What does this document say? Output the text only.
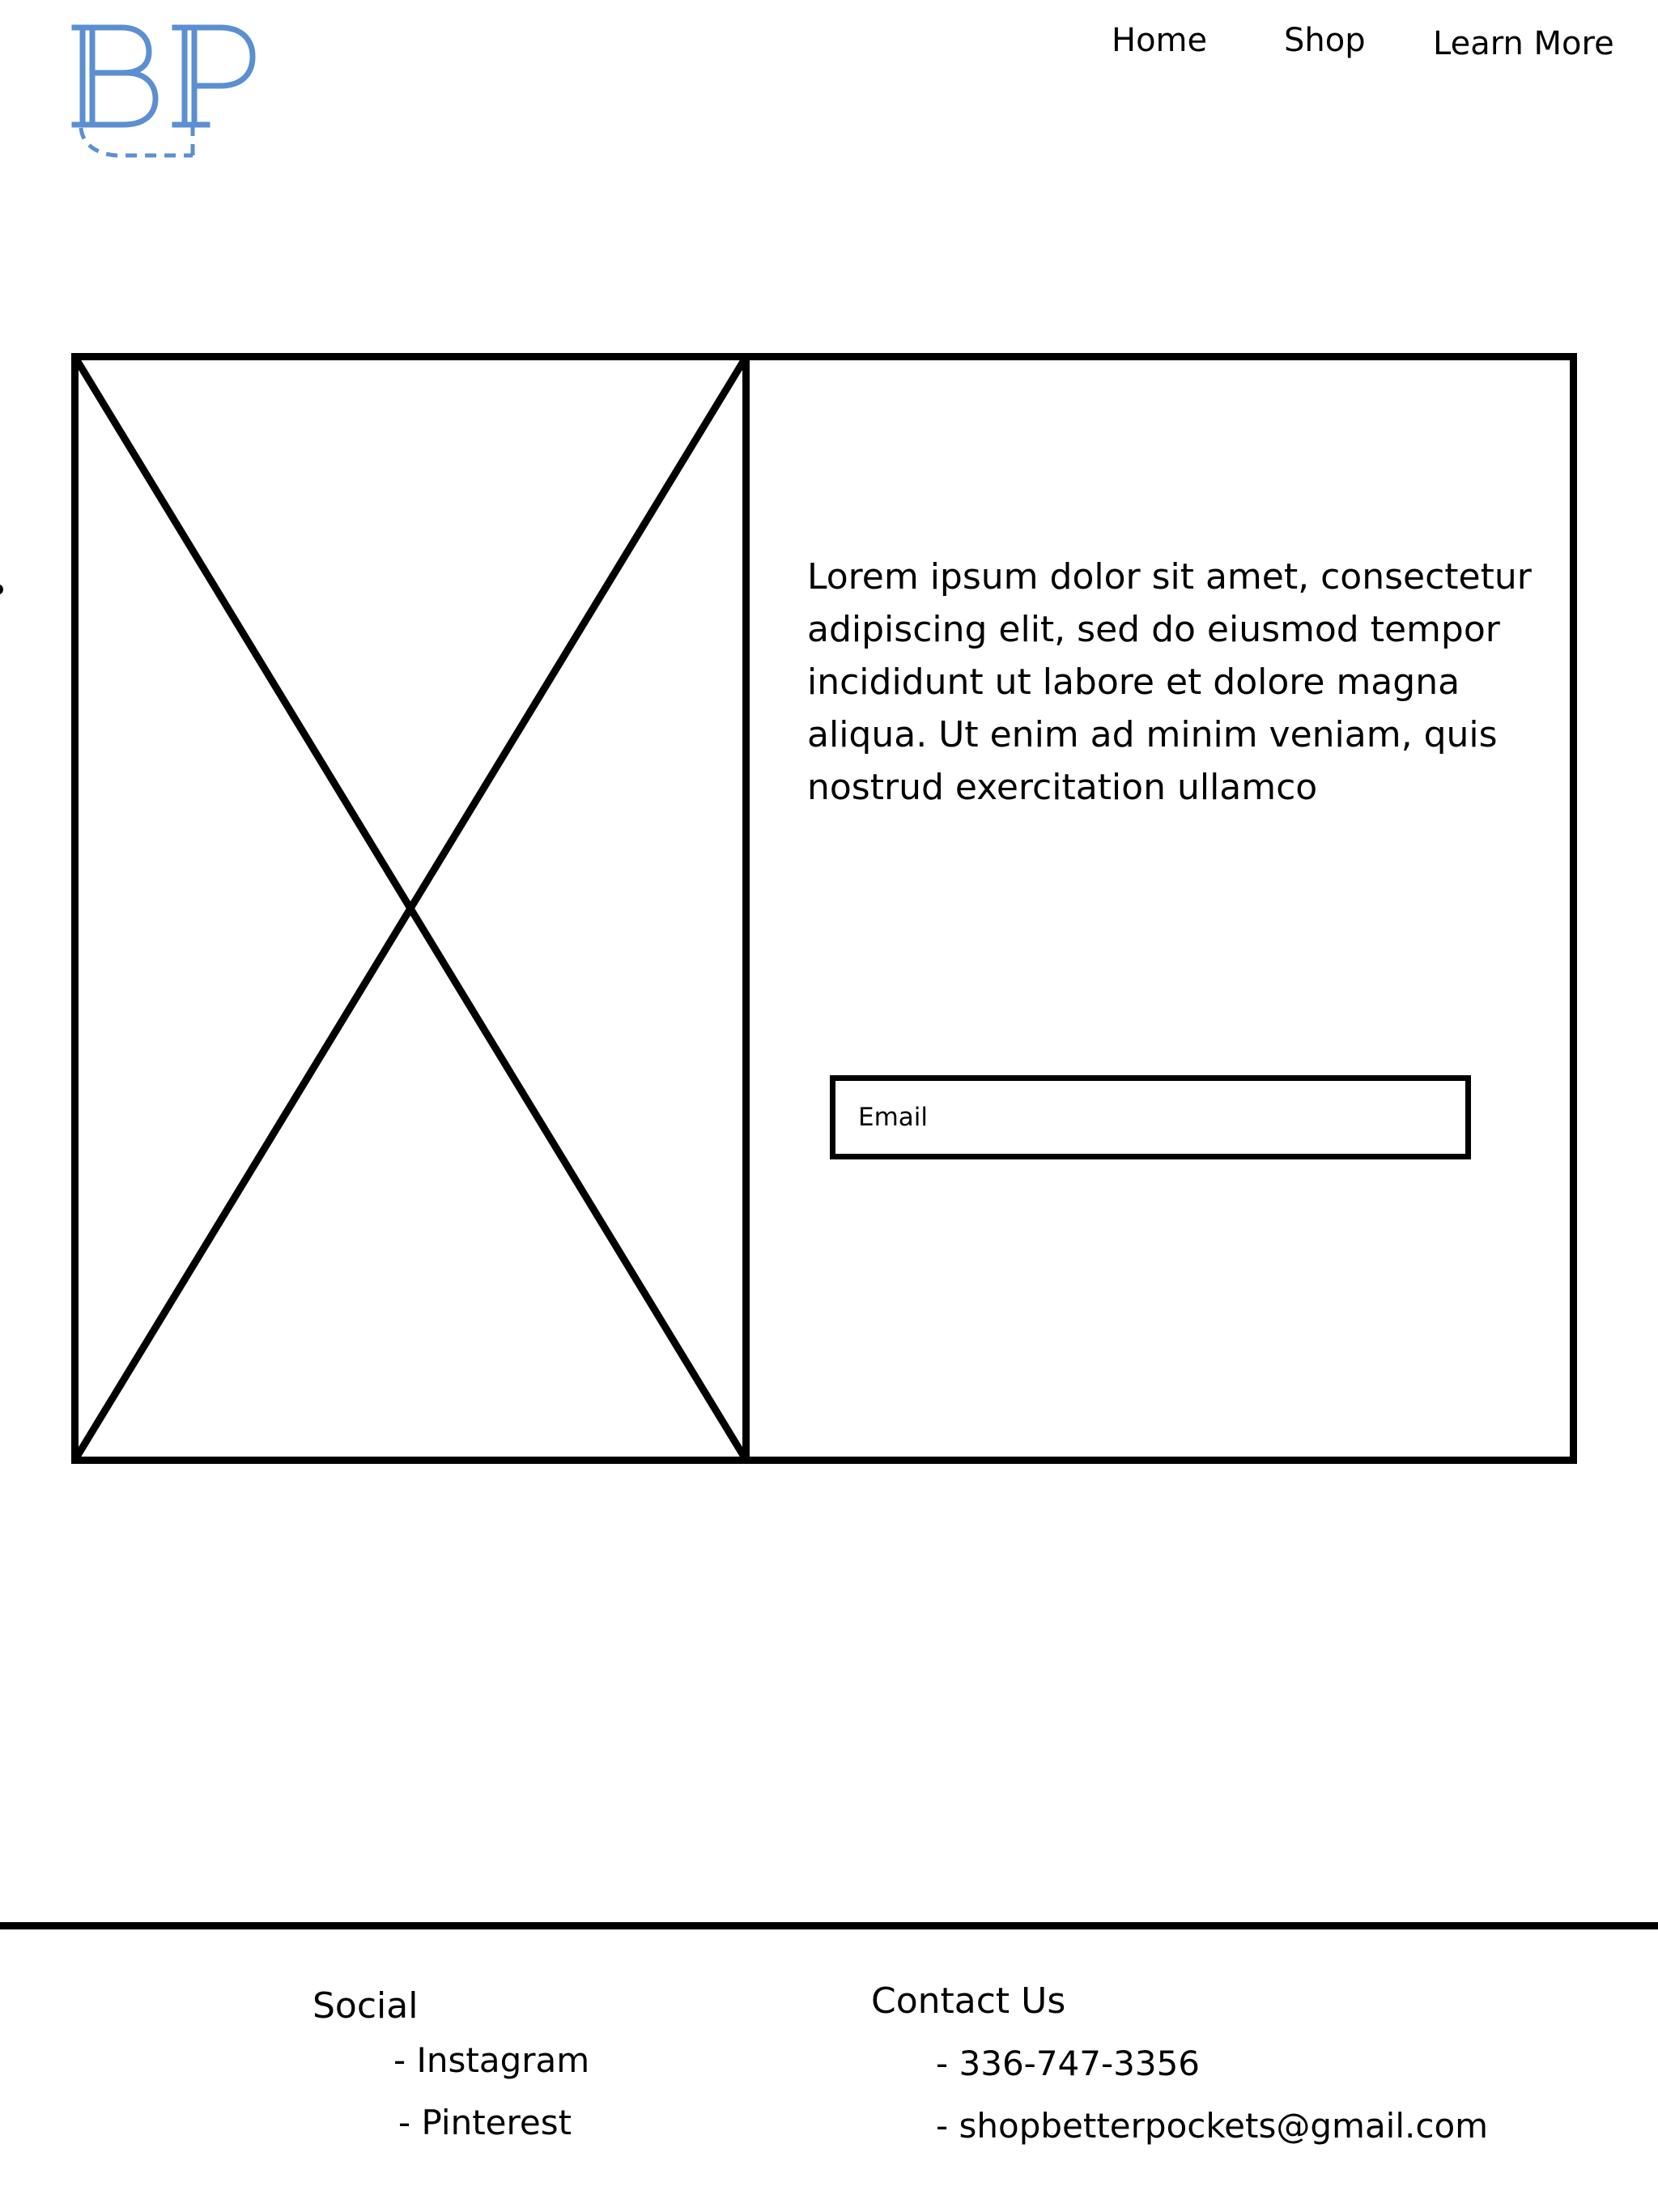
Home Shop Learn More

Lorem ipsum dolor sit amet, consectetur adipiscing elit, sed do eiusmod tempor incididunt ut labore et dolore magna aliqua. Ut enim ad minim veniam, quis nostrud exercitation ullamco

Email
Social
- Instagram
- Pinterest
Contact Us
- 336-747-3356
- shopbetterpockets@gmail.com
